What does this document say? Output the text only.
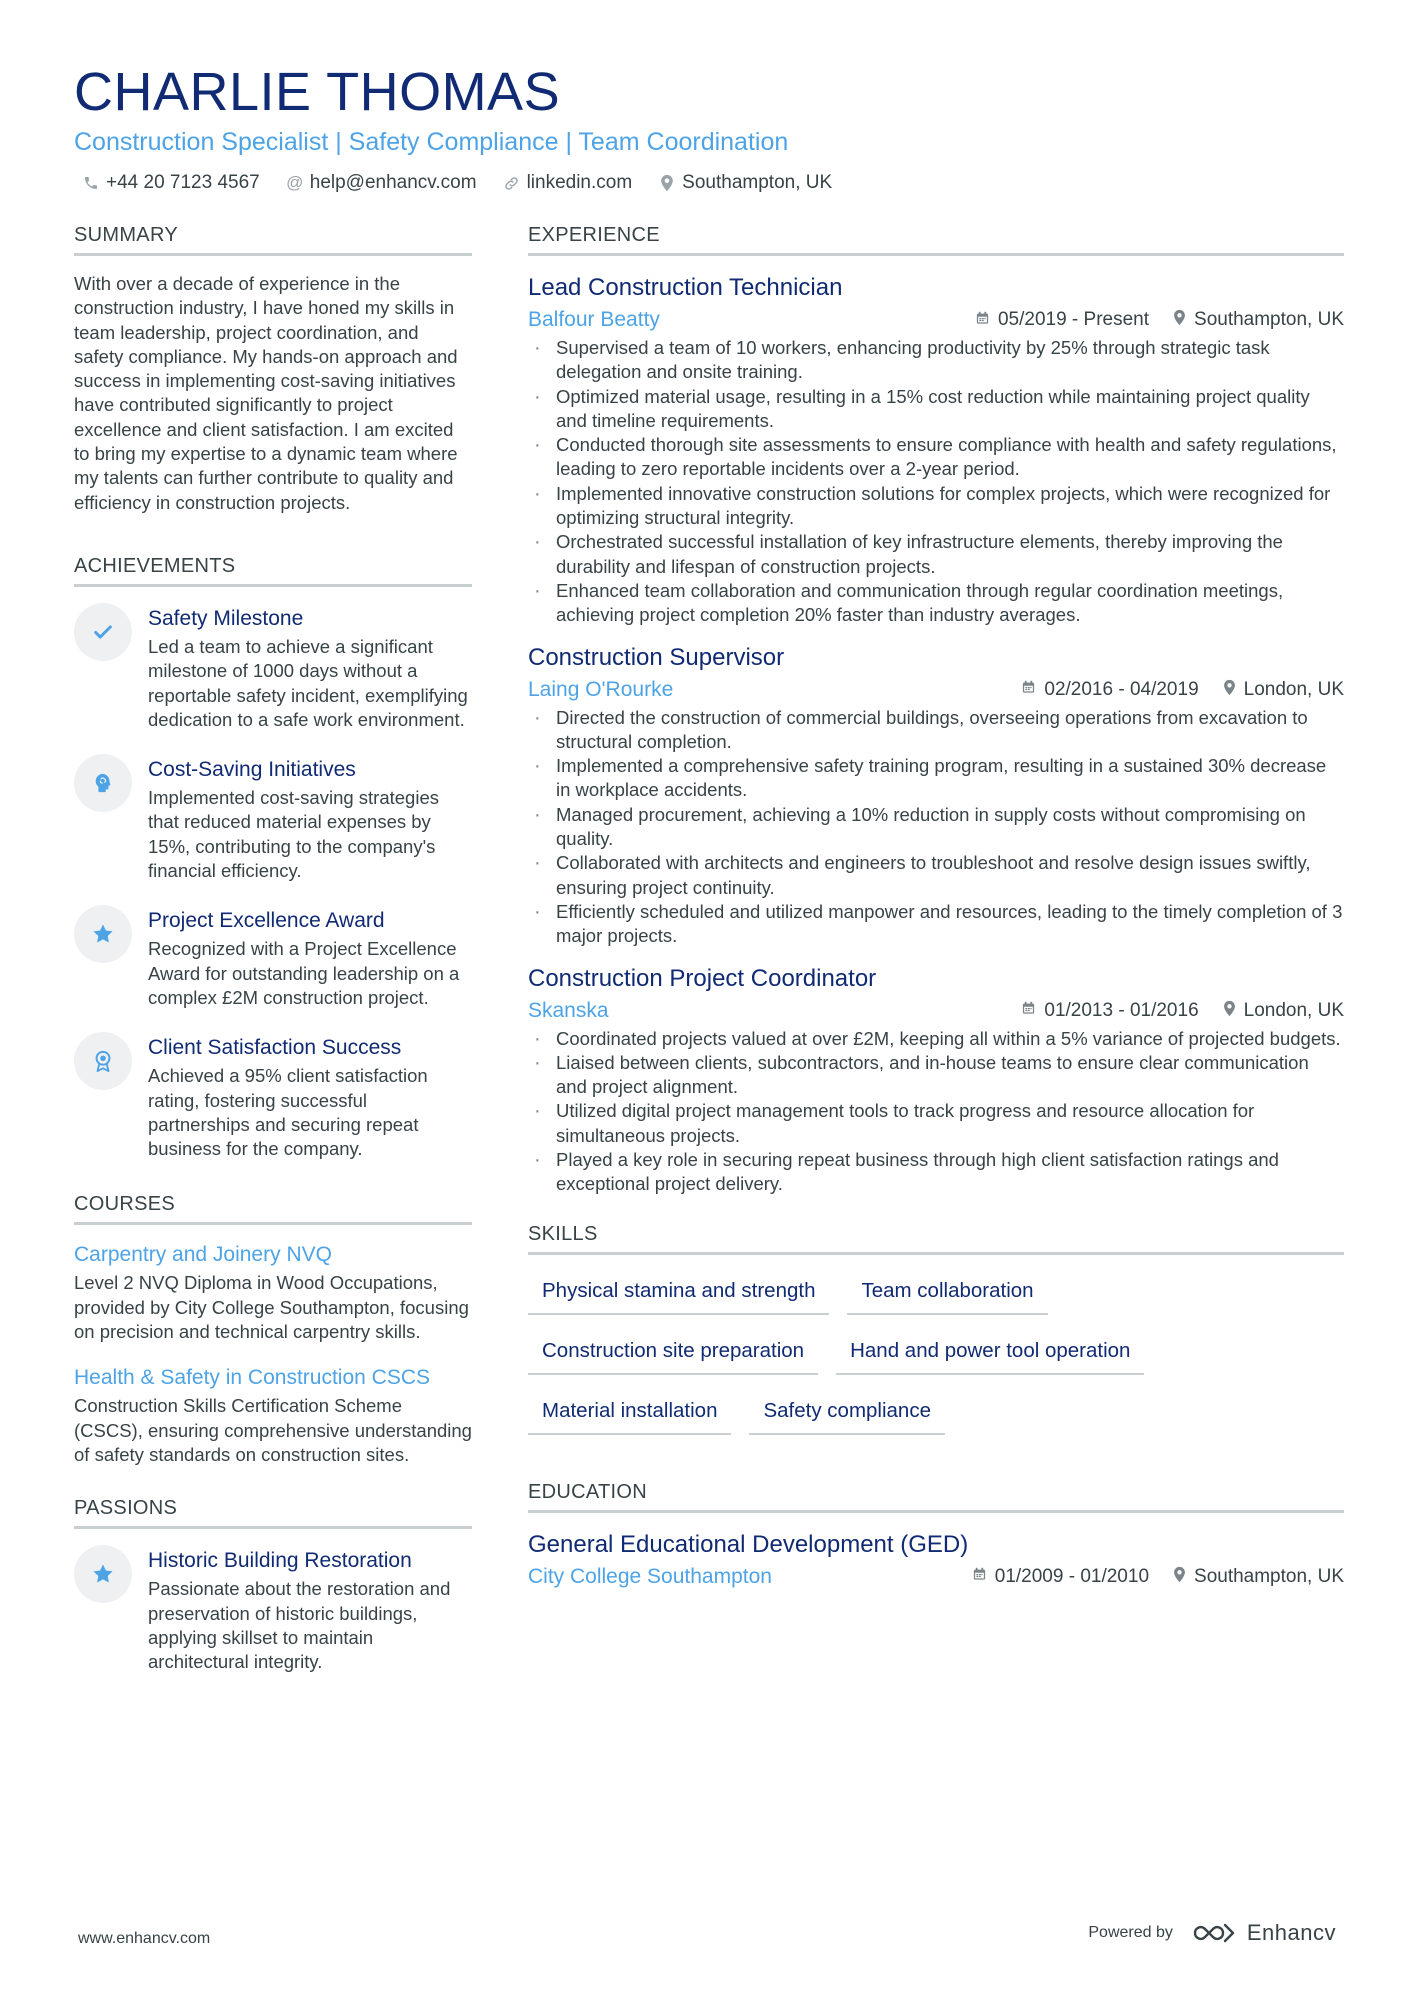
CHARLIE THOMAS
Construction Specialist | Safety Compliance | Team Coordination
+44 20 7123 4567 @ help@enhancv.com	linkedin.com	Southampton, UK
SUMMARY

With over a decade of experience in the construction industry, I have honed my skills in team leadership, project coordination, and safety compliance. My hands-on approach and success in implementing cost-saving initiatives have contributed significantly to project excellence and client satisfaction. I am excited to bring my expertise to a dynamic team where my talents can further contribute to quality and efficiency in construction projects.

ACHIEVEMENTS
Safety Milestone
Led a team to achieve a significant milestone of 1000 days without a reportable safety incident, exemplifying dedication to a safe work environment.
Cost-Saving Initiatives
Implemented cost-saving strategies that reduced material expenses by 15%, contributing to the company's financial efficiency.
Project Excellence Award
Recognized with a Project Excellence Award for outstanding leadership on a complex £2M construction project.
Client Satisfaction Success
Achieved a 95% client satisfaction rating, fostering successful partnerships and securing repeat business for the company.
COURSES
Carpentry and Joinery NVQ
Level 2 NVQ Diploma in Wood Occupations, provided by City College Southampton, focusing on precision and technical carpentry skills.
Health & Safety in Construction CSCS
Construction Skills Certification Scheme (CSCS), ensuring comprehensive understanding of safety standards on construction sites.
PASSIONS
Historic Building Restoration
Passionate about the restoration and preservation of historic buildings, applying skillset to maintain architectural integrity.
EXPERIENCE
Lead Construction Technician
Balfour Beatty	05/2019 - Present Southampton, UK
· Supervised a team of 10 workers, enhancing productivity by 25% through strategic task delegation and onsite training.
· Optimized material usage, resulting in a 15% cost reduction while maintaining project quality and timeline requirements.
· Conducted thorough site assessments to ensure compliance with health and safety regulations, leading to zero reportable incidents over a 2-year period.
· Implemented innovative construction solutions for complex projects, which were recognized for optimizing structural integrity.
· Orchestrated successful installation of key infrastructure elements, thereby improving the durability and lifespan of construction projects.
· Enhanced team collaboration and communication through regular coordination meetings, achieving project completion 20% faster than industry averages.
Construction Supervisor
Laing O'Rourke	02/2016 - 04/2019 London, UK
· Directed the construction of commercial buildings, overseeing operations from excavation to structural completion.
· Implemented a comprehensive safety training program, resulting in a sustained 30% decrease in workplace accidents.
· Managed procurement, achieving a 10% reduction in supply costs without compromising on quality.
· Collaborated with architects and engineers to troubleshoot and resolve design issues swiftly, ensuring project continuity.
· Efficiently scheduled and utilized manpower and resources, leading to the timely completion of 3 major projects.
Construction Project Coordinator
Skanska	01/2013 - 01/2016 London, UK
· Coordinated projects valued at over £2M, keeping all within a 5% variance of projected budgets.
· Liaised between clients, subcontractors, and in-house teams to ensure clear communication and project alignment.
· Utilized digital project management tools to track progress and resource allocation for simultaneous projects.
· Played a key role in securing repeat business through high client satisfaction ratings and exceptional project delivery.
SKILLS
Physical stamina and strength	Team collaboration
Construction site preparation	Hand and power tool operation
Material installation	Safety compliance
EDUCATION
General Educational Development (GED)
City College Southampton	01/2009 - 01/2010 Southampton, UK
www.enhancv.com	Powered by	Enhancv
